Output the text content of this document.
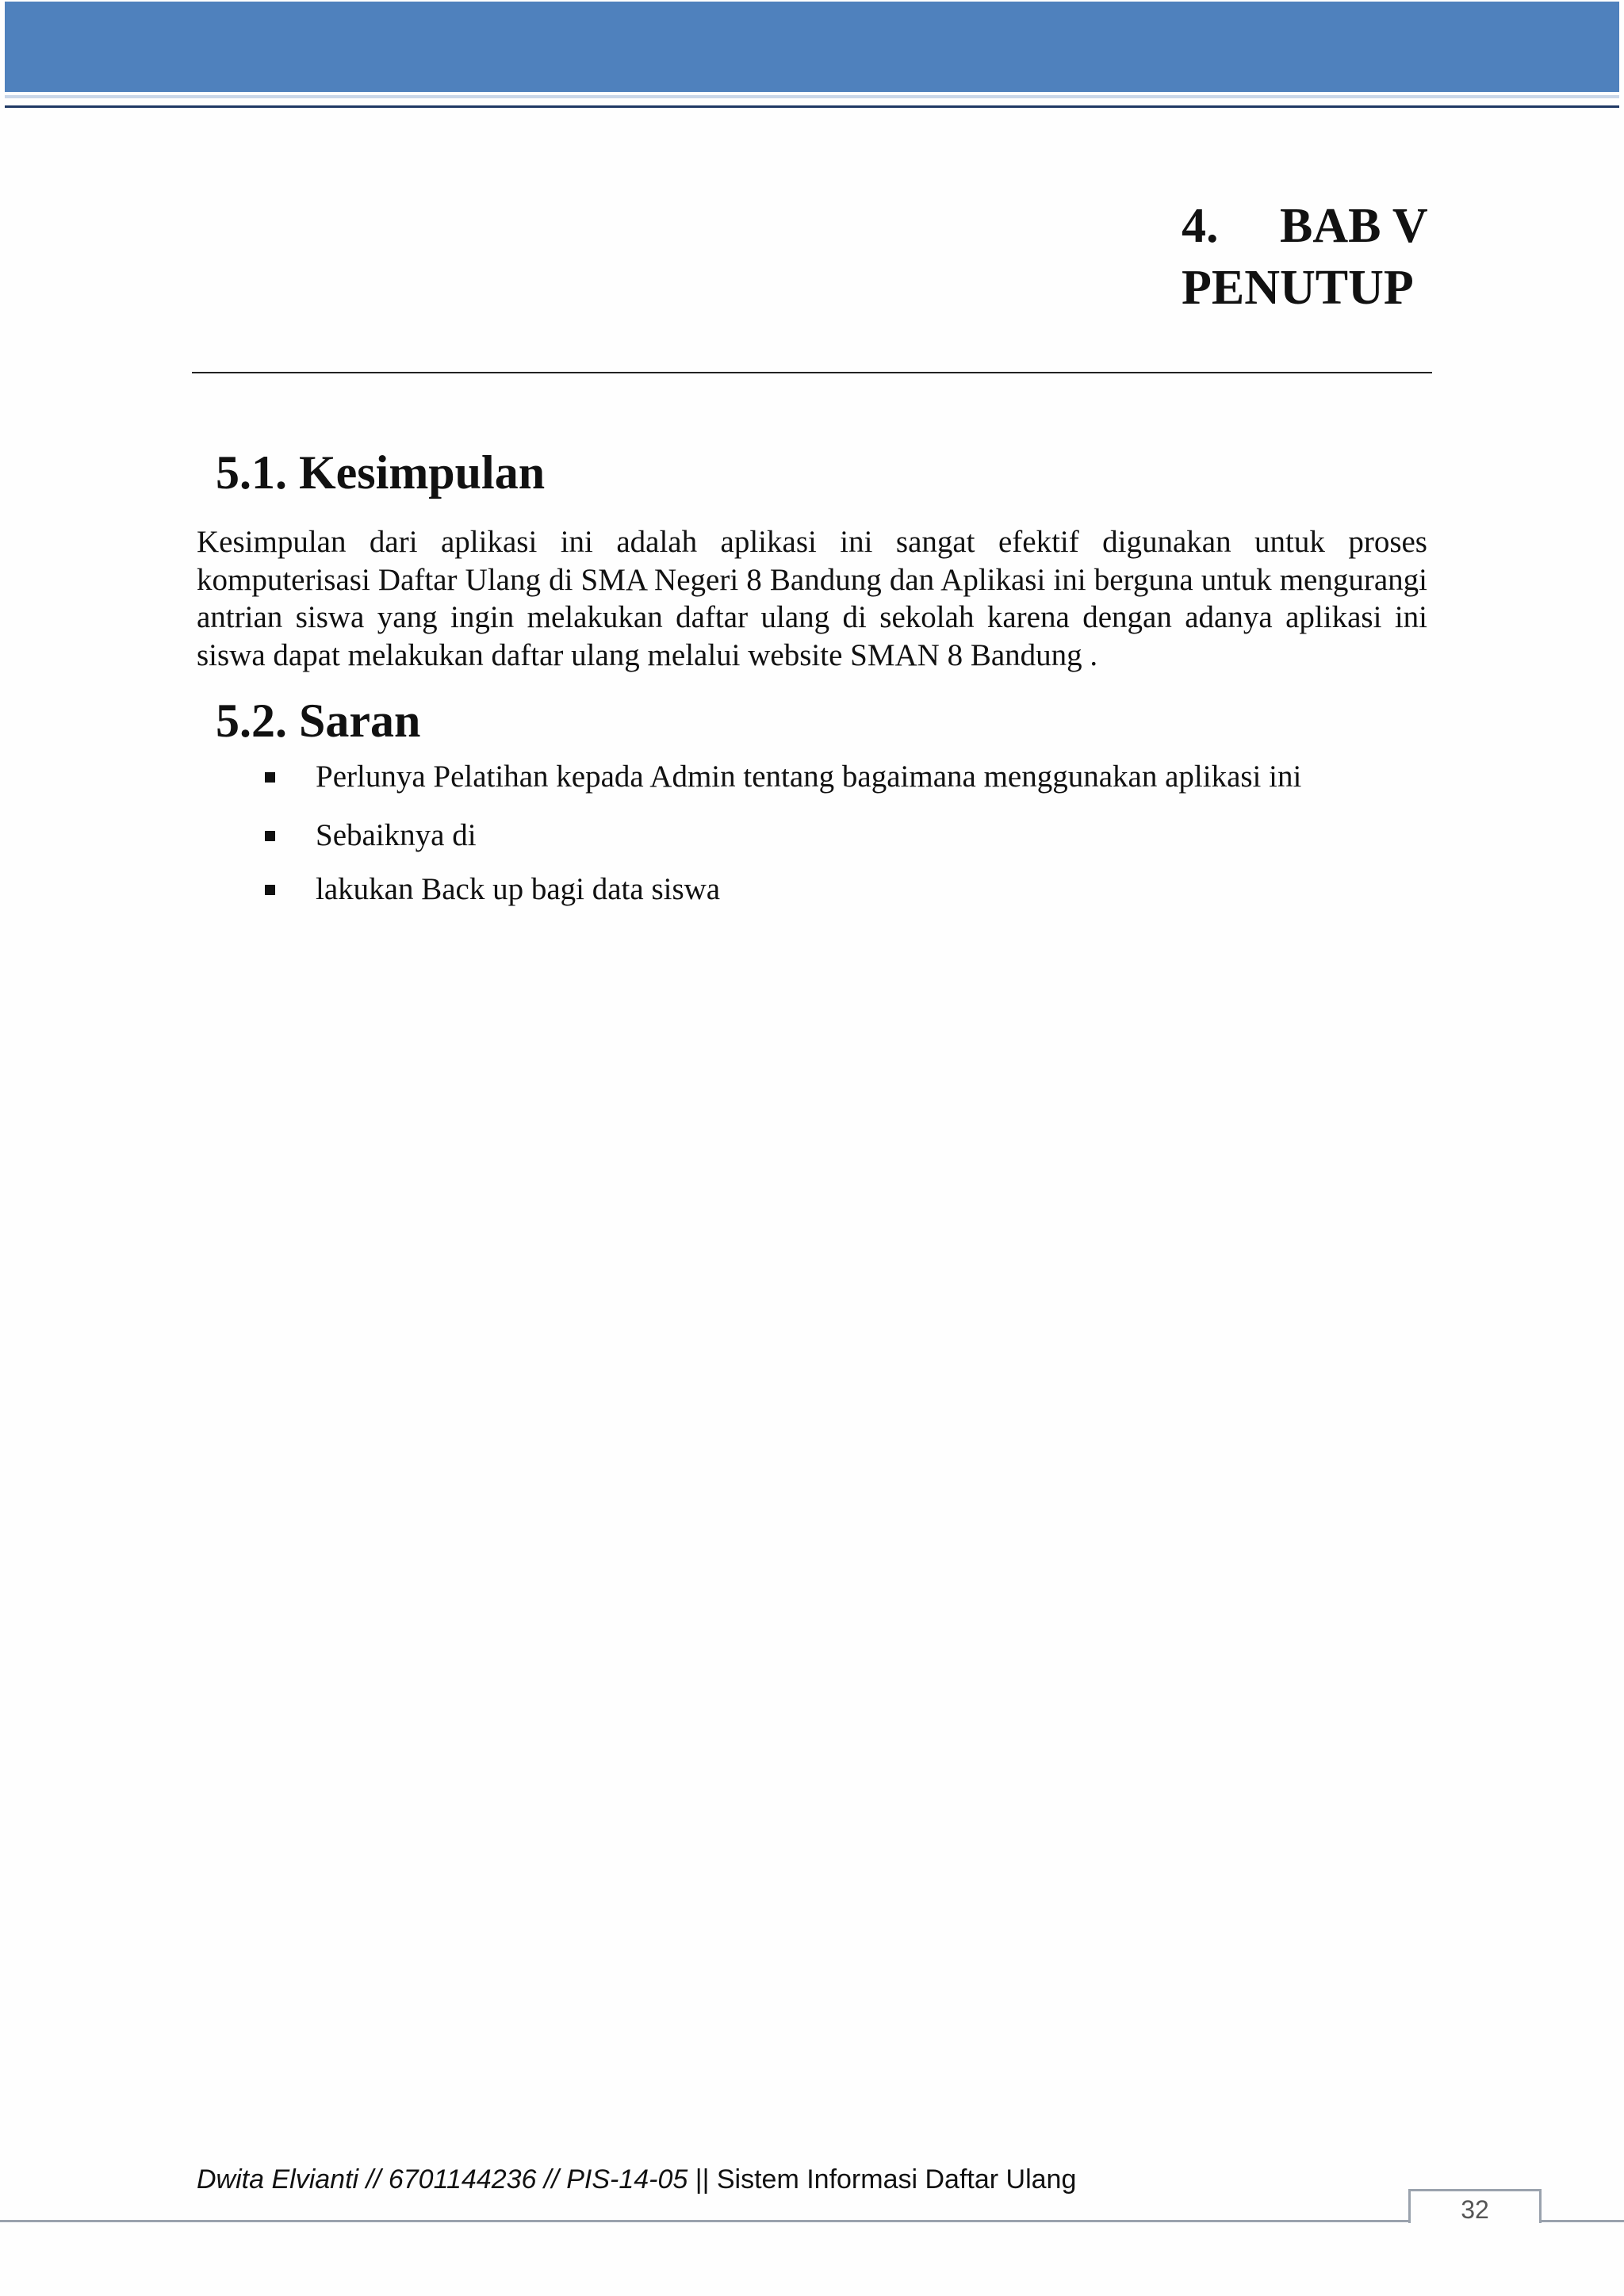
4. BAB V
PENUTUP
5.1. Kesimpulan

Kesimpulan dari aplikasi ini adalah aplikasi ini sangat efektif digunakan untuk proses komputerisasi Daftar Ulang di SMA Negeri 8 Bandung dan Aplikasi ini berguna untuk mengurangi antrian siswa yang ingin melakukan daftar ulang di sekolah karena dengan adanya aplikasi ini siswa dapat melakukan daftar ulang melalui website SMAN 8 Bandung .

5.2. Saran
Perlunya Pelatihan kepada Admin tentang bagaimana menggunakan aplikasi ini
Sebaiknya di
lakukan Back up bagi data siswa
Dwita Elvianti // 6701144236 // PIS-14-05 || Sistem Informasi Daftar Ulang
32
